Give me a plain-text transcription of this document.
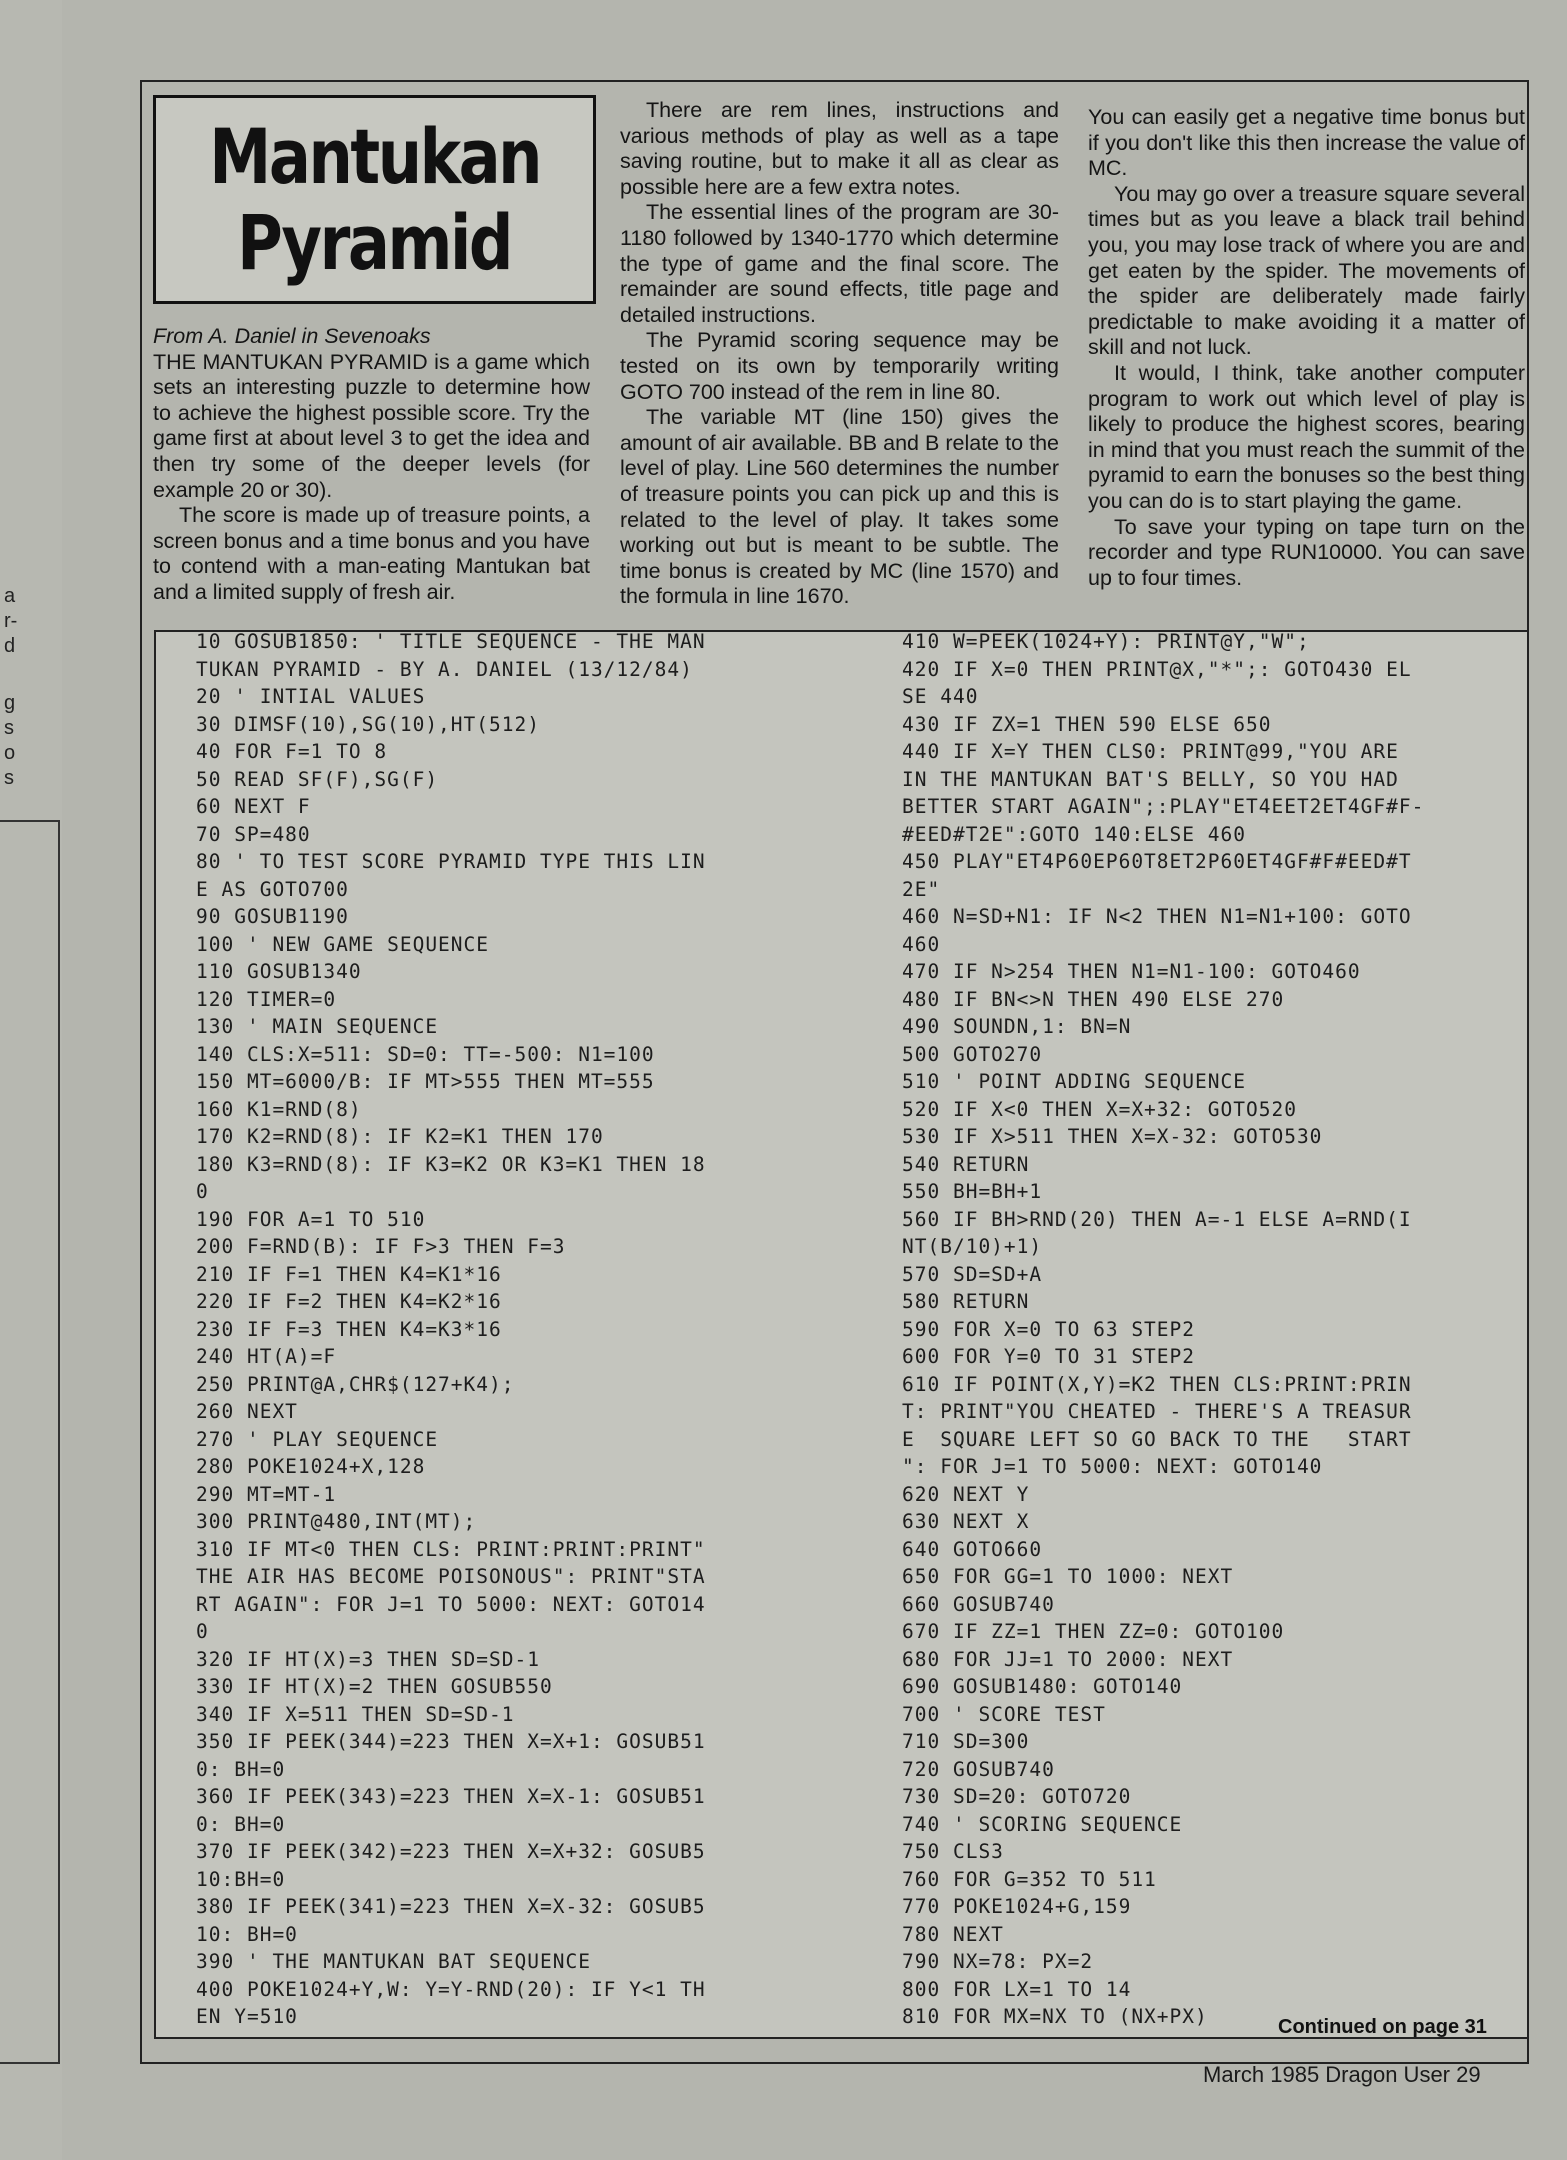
a
r-
d
g
s
o
s
Mantukan
Pyramid

From A. Daniel in Sevenoaks

THE MANTUKAN PYRAMID is a game which sets an interesting puzzle to determine how to achieve the highest possible score. Try the game first at about level 3 to get the idea and then try some of the deeper levels (for example 20 or 30).

The score is made up of treasure points, a screen bonus and a time bonus and you have to contend with a man-eating Mantukan bat and a limited supply of fresh air.

There are rem lines, instructions and various methods of play as well as a tape saving routine, but to make it all as clear as possible here are a few extra notes.

The essential lines of the program are 30-1180 followed by 1340-1770 which determine the type of game and the final score. The remainder are sound effects, title page and detailed instructions.

The Pyramid scoring sequence may be tested on its own by temporarily writing GOTO 700 instead of the rem in line 80.

The variable MT (line 150) gives the amount of air available. BB and B relate to the level of play. Line 560 determines the number of treasure points you can pick up and this is related to the level of play. It takes some working out but is meant to be subtle. The time bonus is created by MC (line 1570) and the formula in line 1670.

You can easily get a negative time bonus but if you don't like this then increase the value of MC.

You may go over a treasure square several times but as you leave a black trail behind you, you may lose track of where you are and get eaten by the spider. The movements of the spider are deliberately made fairly predictable to make avoiding it a matter of skill and not luck.

It would, I think, take another computer program to work out which level of play is likely to produce the highest scores, bearing in mind that you must reach the summit of the pyramid to earn the bonuses so the best thing you can do is to start playing the game.

To save your typing on tape turn on the recorder and type RUN10000. You can save up to four times.

10 GOSUB1850: ' TITLE SEQUENCE - THE MAN
TUKAN PYRAMID - BY A. DANIEL (13/12/84)
20 ' INTIAL VALUES
30 DIMSF(10),SG(10),HT(512)
40 FOR F=1 TO 8
50 READ SF(F),SG(F)
60 NEXT F
70 SP=480
80 ' TO TEST SCORE PYRAMID TYPE THIS LIN
E AS GOTO700
90 GOSUB1190
100 ' NEW GAME SEQUENCE
110 GOSUB1340
120 TIMER=0
130 ' MAIN SEQUENCE
140 CLS:X=511: SD=0: TT=-500: N1=100
150 MT=6000/B: IF MT>555 THEN MT=555
160 K1=RND(8)
170 K2=RND(8): IF K2=K1 THEN 170
180 K3=RND(8): IF K3=K2 OR K3=K1 THEN 18
0
190 FOR A=1 TO 510
200 F=RND(B): IF F>3 THEN F=3
210 IF F=1 THEN K4=K1*16
220 IF F=2 THEN K4=K2*16
230 IF F=3 THEN K4=K3*16
240 HT(A)=F
250 PRINT@A,CHR$(127+K4);
260 NEXT
270 ' PLAY SEQUENCE
280 POKE1024+X,128
290 MT=MT-1
300 PRINT@480,INT(MT);
310 IF MT<0 THEN CLS: PRINT:PRINT:PRINT"
THE AIR HAS BECOME POISONOUS": PRINT"STA
RT AGAIN": FOR J=1 TO 5000: NEXT: GOTO14
0
320 IF HT(X)=3 THEN SD=SD-1
330 IF HT(X)=2 THEN GOSUB550
340 IF X=511 THEN SD=SD-1
350 IF PEEK(344)=223 THEN X=X+1: GOSUB51
0: BH=0
360 IF PEEK(343)=223 THEN X=X-1: GOSUB51
0: BH=0
370 IF PEEK(342)=223 THEN X=X+32: GOSUB5
10:BH=0
380 IF PEEK(341)=223 THEN X=X-32: GOSUB5
10: BH=0
390 ' THE MANTUKAN BAT SEQUENCE
400 POKE1024+Y,W: Y=Y-RND(20): IF Y<1 TH
EN Y=510
410 W=PEEK(1024+Y): PRINT@Y,"W";
420 IF X=0 THEN PRINT@X,"*";: GOTO430 EL
SE 440
430 IF ZX=1 THEN 590 ELSE 650
440 IF X=Y THEN CLS0: PRINT@99,"YOU ARE
IN THE MANTUKAN BAT'S BELLY, SO YOU HAD
BETTER START AGAIN";:PLAY"ET4EET2ET4GF#F-
#EED#T2E":GOTO 140:ELSE 460
450 PLAY"ET4P60EP60T8ET2P60ET4GF#F#EED#T
2E"
460 N=SD+N1: IF N<2 THEN N1=N1+100: GOTO
460
470 IF N>254 THEN N1=N1-100: GOTO460
480 IF BN<>N THEN 490 ELSE 270
490 SOUNDN,1: BN=N
500 GOTO270
510 ' POINT ADDING SEQUENCE
520 IF X<0 THEN X=X+32: GOTO520
530 IF X>511 THEN X=X-32: GOTO530
540 RETURN
550 BH=BH+1
560 IF BH>RND(20) THEN A=-1 ELSE A=RND(I
NT(B/10)+1)
570 SD=SD+A
580 RETURN
590 FOR X=0 TO 63 STEP2
600 FOR Y=0 TO 31 STEP2
610 IF POINT(X,Y)=K2 THEN CLS:PRINT:PRIN
T: PRINT"YOU CHEATED - THERE'S A TREASUR
E  SQUARE LEFT SO GO BACK TO THE   START
": FOR J=1 TO 5000: NEXT: GOTO140
620 NEXT Y
630 NEXT X
640 GOTO660
650 FOR GG=1 TO 1000: NEXT
660 GOSUB740
670 IF ZZ=1 THEN ZZ=0: GOTO100
680 FOR JJ=1 TO 2000: NEXT
690 GOSUB1480: GOTO140
700 ' SCORE TEST
710 SD=300
720 GOSUB740
730 SD=20: GOTO720
740 ' SCORING SEQUENCE
750 CLS3
760 FOR G=352 TO 511
770 POKE1024+G,159
780 NEXT
790 NX=78: PX=2
800 FOR LX=1 TO 14
810 FOR MX=NX TO (NX+PX)	Continued on page 31
March 1985 Dragon User 29
